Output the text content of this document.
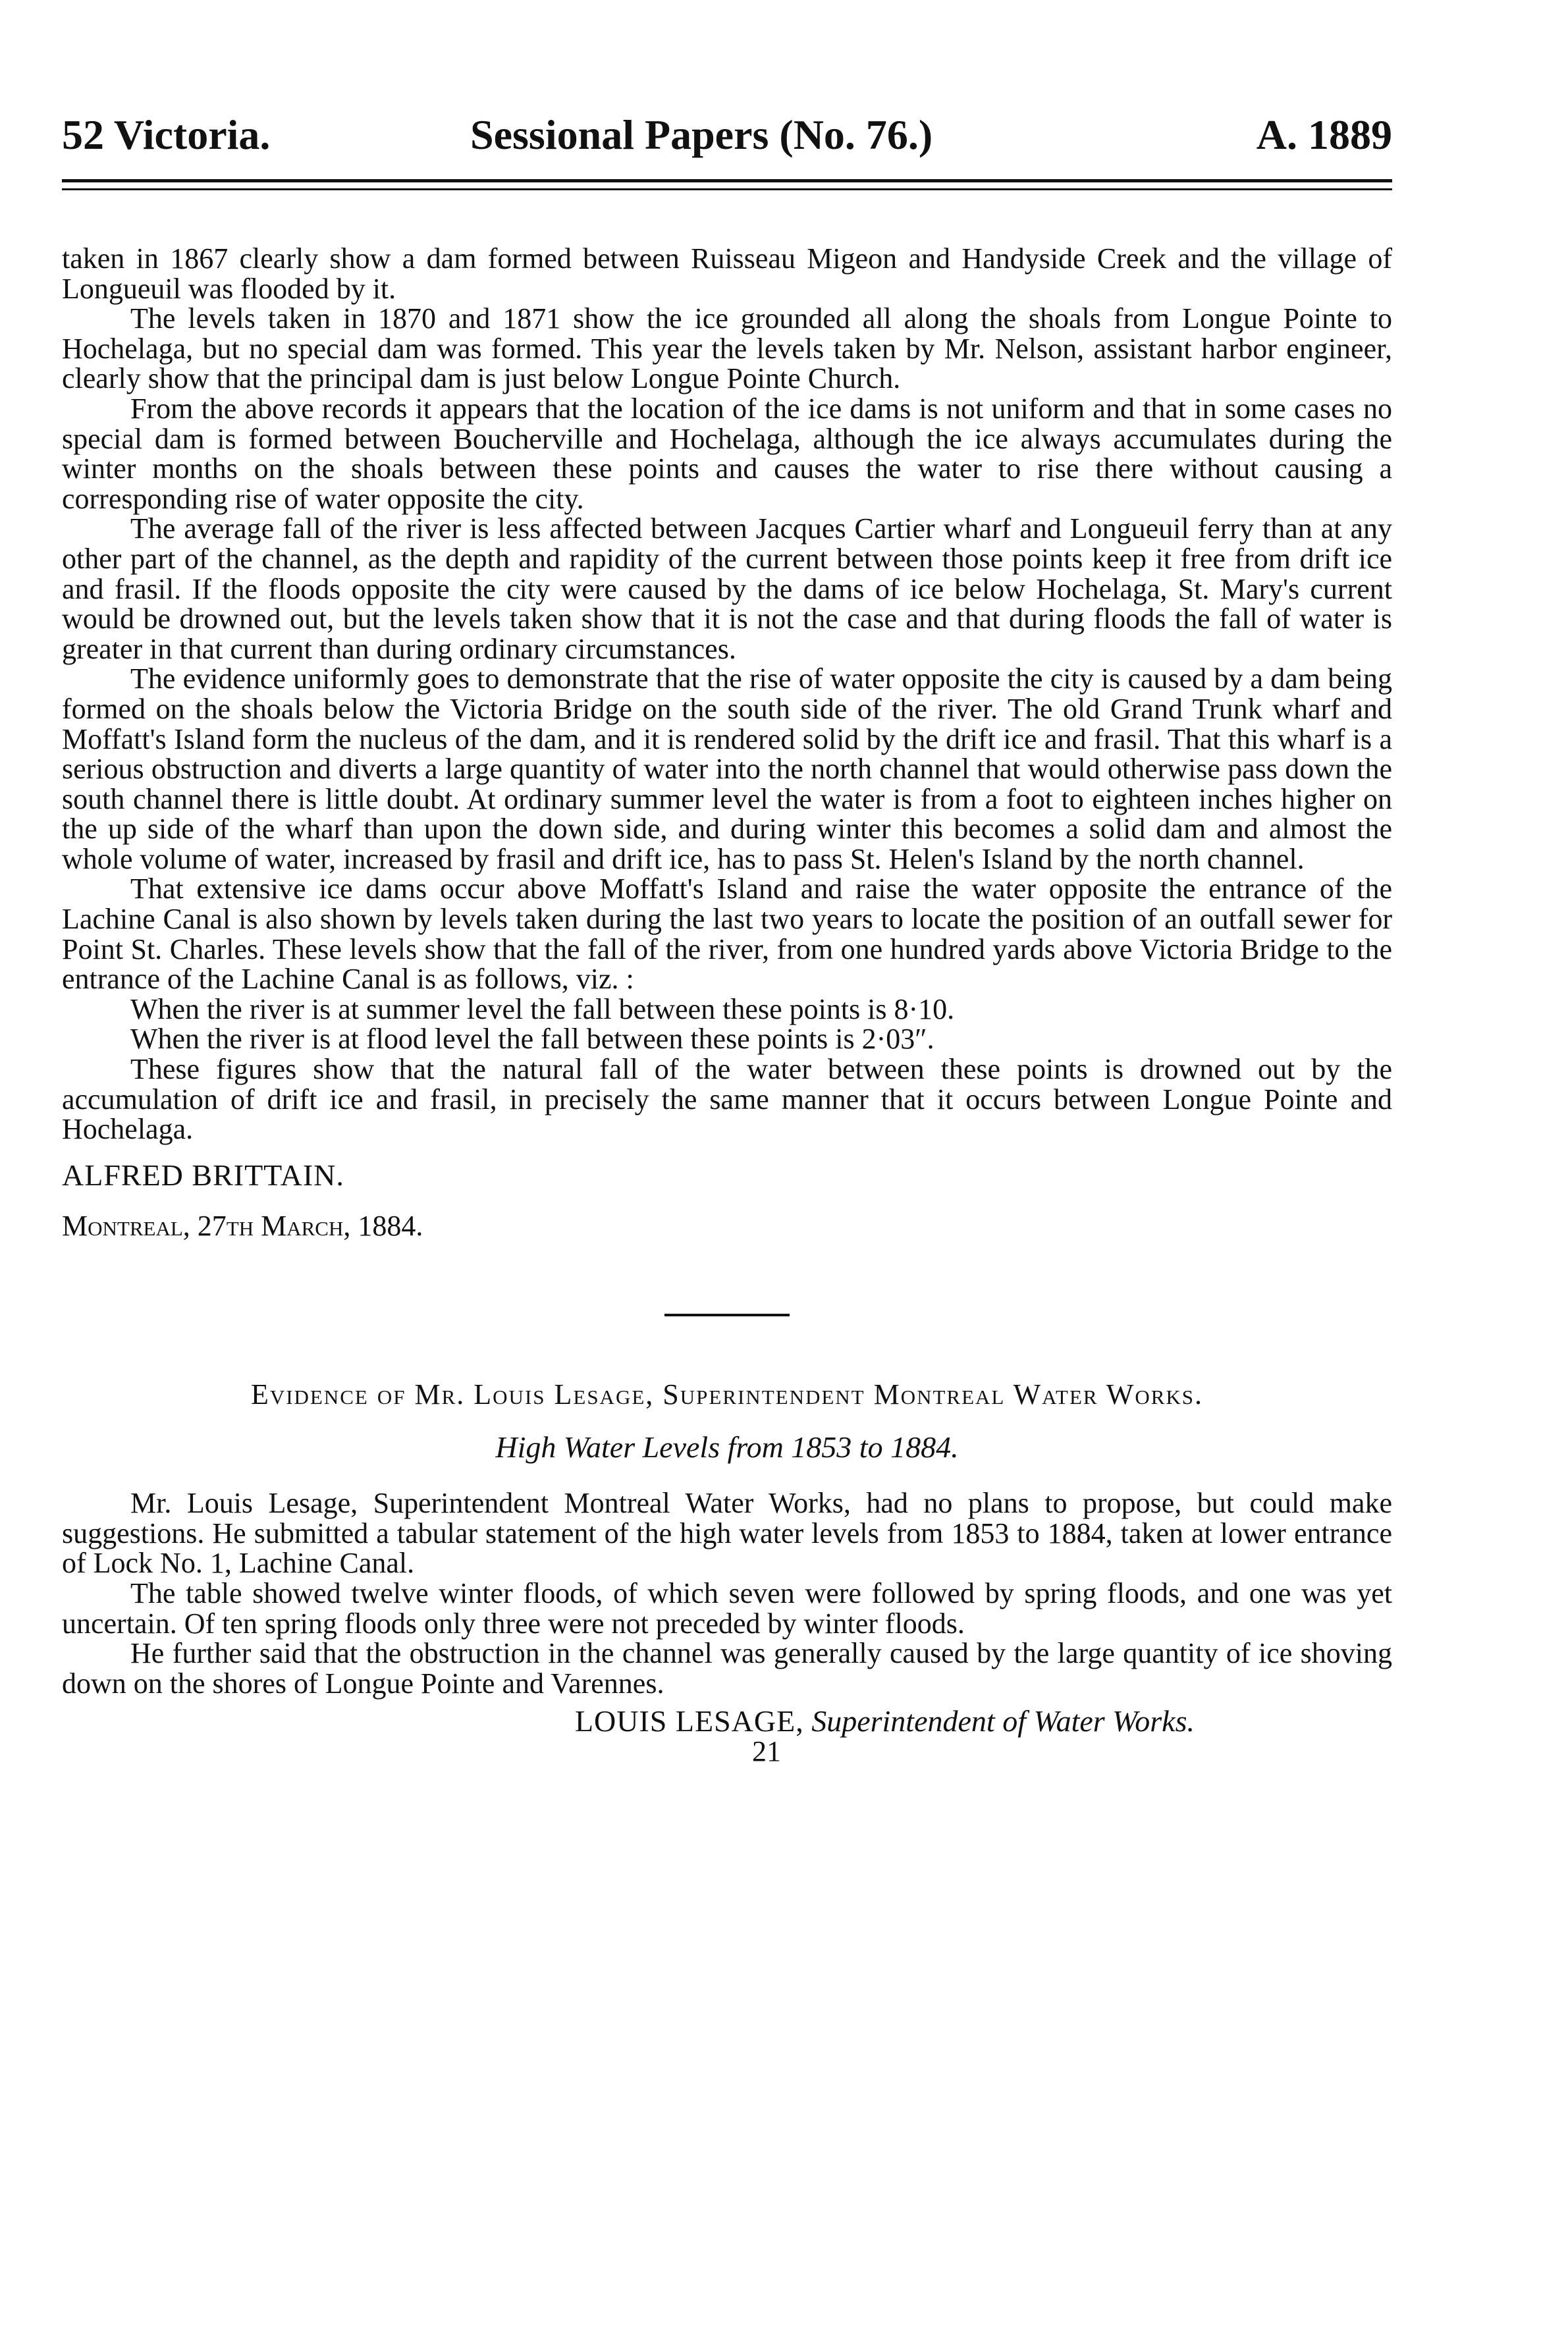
52 Victoria.	Sessional Papers (No. 76.)	A. 1889

taken in 1867 clearly show a dam formed between Ruisseau Migeon and Handyside Creek and the village of Longueuil was flooded by it.

The levels taken in 1870 and 1871 show the ice grounded all along the shoals from Longue Pointe to Hochelaga, but no special dam was formed. This year the levels taken by Mr. Nelson, assistant harbor engineer, clearly show that the principal dam is just below Longue Pointe Church.

From the above records it appears that the location of the ice dams is not uniform and that in some cases no special dam is formed between Boucherville and Hochelaga, although the ice always accumulates during the winter months on the shoals between these points and causes the water to rise there without causing a corresponding rise of water opposite the city.

The average fall of the river is less affected between Jacques Cartier wharf and Longueuil ferry than at any other part of the channel, as the depth and rapidity of the current between those points keep it free from drift ice and frasil. If the floods opposite the city were caused by the dams of ice below Hochelaga, St. Mary's current would be drowned out, but the levels taken show that it is not the case and that during floods the fall of water is greater in that current than during ordinary circumstances.

The evidence uniformly goes to demonstrate that the rise of water opposite the city is caused by a dam being formed on the shoals below the Victoria Bridge on the south side of the river. The old Grand Trunk wharf and Moffatt's Island form the nucleus of the dam, and it is rendered solid by the drift ice and frasil. That this wharf is a serious obstruction and diverts a large quantity of water into the north channel that would otherwise pass down the south channel there is little doubt. At ordinary summer level the water is from a foot to eighteen inches higher on the up side of the wharf than upon the down side, and during winter this becomes a solid dam and almost the whole volume of water, increased by frasil and drift ice, has to pass St. Helen's Island by the north channel.

That extensive ice dams occur above Moffatt's Island and raise the water opposite the entrance of the Lachine Canal is also shown by levels taken during the last two years to locate the position of an outfall sewer for Point St. Charles. These levels show that the fall of the river, from one hundred yards above Victoria Bridge to the entrance of the Lachine Canal is as follows, viz. :

When the river is at summer level the fall between these points is 8·10.

When the river is at flood level the fall between these points is 2·03″.

These figures show that the natural fall of the water between these points is drowned out by the accumulation of drift ice and frasil, in precisely the same manner that it occurs between Longue Pointe and Hochelaga.

ALFRED BRITTAIN.

Montreal, 27th March, 1884.

Evidence of Mr. Louis Lesage, Superintendent Montreal Water Works.

High Water Levels from 1853 to 1884.

Mr. Louis Lesage, Superintendent Montreal Water Works, had no plans to propose, but could make suggestions. He submitted a tabular statement of the high water levels from 1853 to 1884, taken at lower entrance of Lock No. 1, Lachine Canal.

The table showed twelve winter floods, of which seven were followed by spring floods, and one was yet uncertain. Of ten spring floods only three were not preceded by winter floods.

He further said that the obstruction in the channel was generally caused by the large quantity of ice shoving down on the shores of Longue Pointe and Varennes.

LOUIS LESAGE, Superintendent of Water Works.

21
